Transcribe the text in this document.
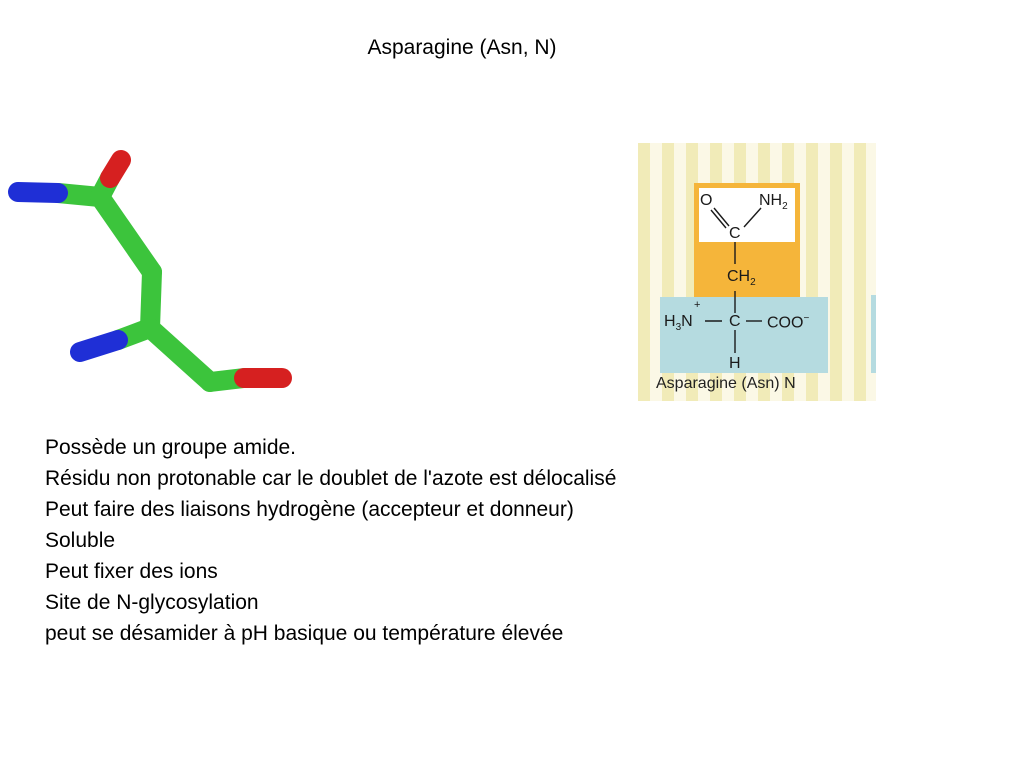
Asparagine (Asn, N)
O	$NH_2$
C
$CH_2$
+
$H_3N$ C COO−
H
Asparagine (Asn) N
Possède un groupe amide.
Résidu non protonable car le doublet de l'azote est délocalisé
Peut faire des liaisons hydrogène (accepteur et donneur)
Soluble
Peut fixer des ions
Site de N-glycosylation
peut se désamider à pH basique ou température élevée
